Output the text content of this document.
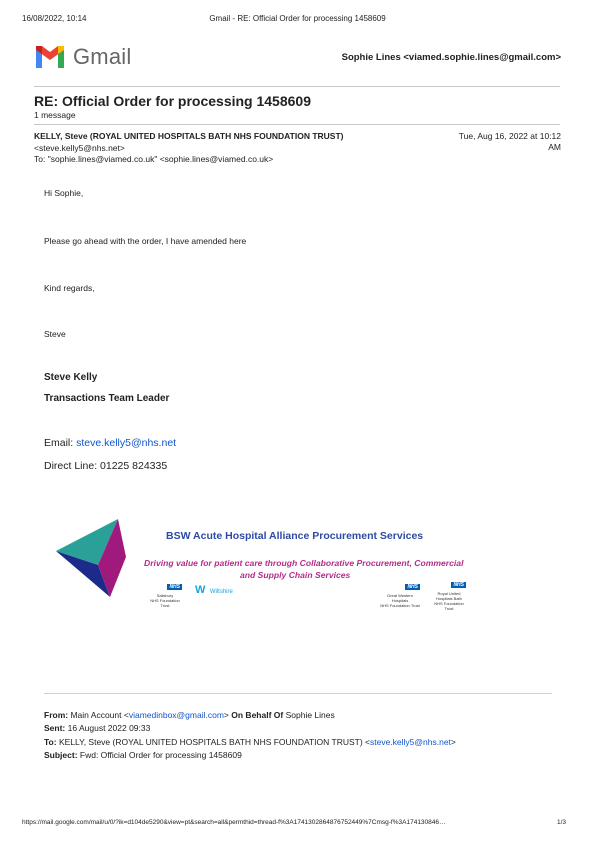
16/08/2022, 10:14	Gmail - RE: Official Order for processing 1458609
Gmail	Sophie Lines <viamed.sophie.lines@gmail.com>
RE: Official Order for processing 1458609
1 message
KELLY, Steve (ROYAL UNITED HOSPITALS BATH NHS FOUNDATION TRUST)	Tue, Aug 16, 2022 at 10:12
AM
<steve.kelly5@nhs.net>
To: "sophie.lines@viamed.co.uk" <sophie.lines@viamed.co.uk>
Hi Sophie,
Please go ahead with the order, I have amended here
Kind regards,
Steve
Steve Kelly
Transactions Team Leader
Email: steve.kelly5@nhs.net
Direct Line: 01225 824335
BSW Acute Hospital Alliance Procurement Services
Driving value for patient care through Collaborative Procurement, Commercial
and Supply Chain Services
NHS
Salisbury
NHS Foundation Trust
W Wiltshire
NHS
Great Western Hospitals
NHS Foundation Trust
NHS
Royal United Hospitals Bath
NHS Foundation Trust
From: Main Account <viamedinbox@gmail.com> On Behalf Of Sophie Lines
Sent: 16 August 2022 09:33
To: KELLY, Steve (ROYAL UNITED HOSPITALS BATH NHS FOUNDATION TRUST) <steve.kelly5@nhs.net>
Subject: Fwd: Official Order for processing 1458609
https://mail.google.com/mail/u/0/?ik=d104de5290&view=pt&search=all&permthid=thread-f%3A1741302864876752449%7Cmsg-f%3A174130846…	1/3
